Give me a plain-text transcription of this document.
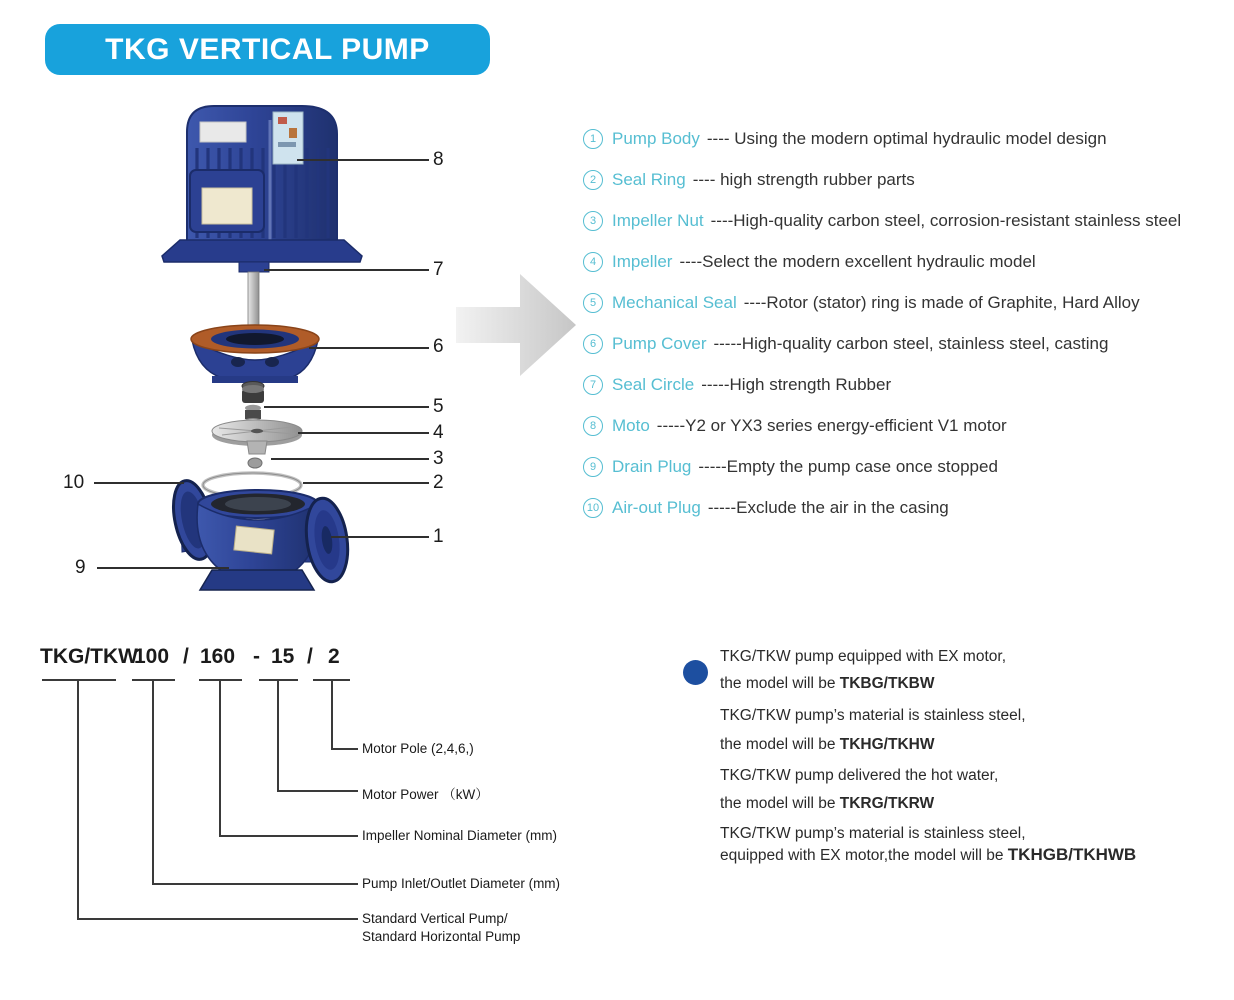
TKG VERTICAL PUMP
8
7
6
5
4
3
2
1
10
9
1 Pump Body ---- Using the modern optimal hydraulic model design
2 Seal Ring ---- high strength rubber parts
3 Impeller Nut ----High-quality carbon steel, corrosion-resistant stainless steel
4 Impeller ----Select the modern excellent hydraulic model
5 Mechanical Seal ----Rotor (stator) ring is made of Graphite, Hard Alloy
6 Pump Cover -----High-quality carbon steel, stainless steel, casting
7 Seal Circle -----High strength Rubber
8 Moto -----Y2 or YX3 series energy-efficient V1 motor
9 Drain Plug -----Empty the pump case once stopped
10 Air-out Plug -----Exclude the air in the casing
TKG/TKW
100 / 160 - 15 / 2
Motor Pole (2,4,6,)
Motor Power （kW）
Impeller Nominal Diameter (mm)
Pump Inlet/Outlet Diameter (mm)
Standard Vertical Pump/
Standard Horizontal Pump
TKG/TKW pump equipped with EX motor,
the model will be TKBG/TKBW
TKG/TKW pump’s material is stainless steel,
the model will be TKHG/TKHW
TKG/TKW pump delivered the hot water,
the model will be TKRG/TKRW
TKG/TKW pump’s material is stainless steel,
equipped with EX motor,the model will be TKHGB/TKHWB
